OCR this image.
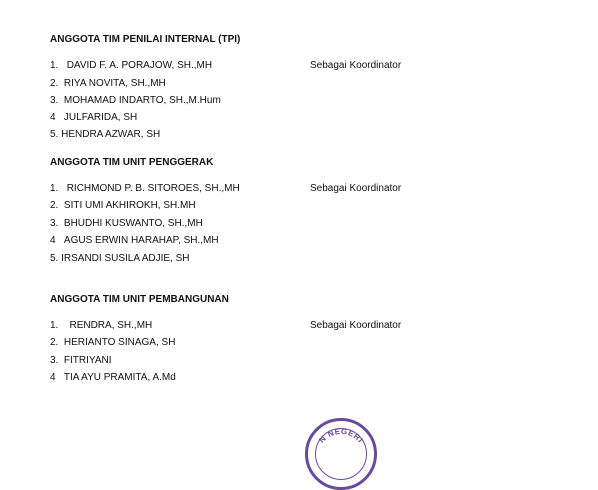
ANGGOTA TIM PENILAI INTERNAL (TPI)
1. DAVID F. A. PORAJOW, SH.,MH	Sebagai Koordinator
2. RIYA NOVITA, SH.,MH
3. MOHAMAD INDARTO, SH.,M.Hum
4 JULFARIDA, SH
5. HENDRA AZWAR, SH
ANGGOTA TIM UNIT PENGGERAK
1. RICHMOND P. B. SITOROES, SH.,MH	Sebagai Koordinator
2. SITI UMI AKHIROKH, SH.MH
3. BHUDHI KUSWANTO, SH.,MH
4 AGUS ERWIN HARAHAP, SH.,MH
5. IRSANDI SUSILA ADJIE, SH
ANGGOTA TIM UNIT PEMBANGUNAN
1. RENDRA, SH.,MH	Sebagai Koordinator
2. HERIANTO SINAGA, SH
3. FITRIYANI
4 TIA AYU PRAMITA, A.Md
N NEGERI
